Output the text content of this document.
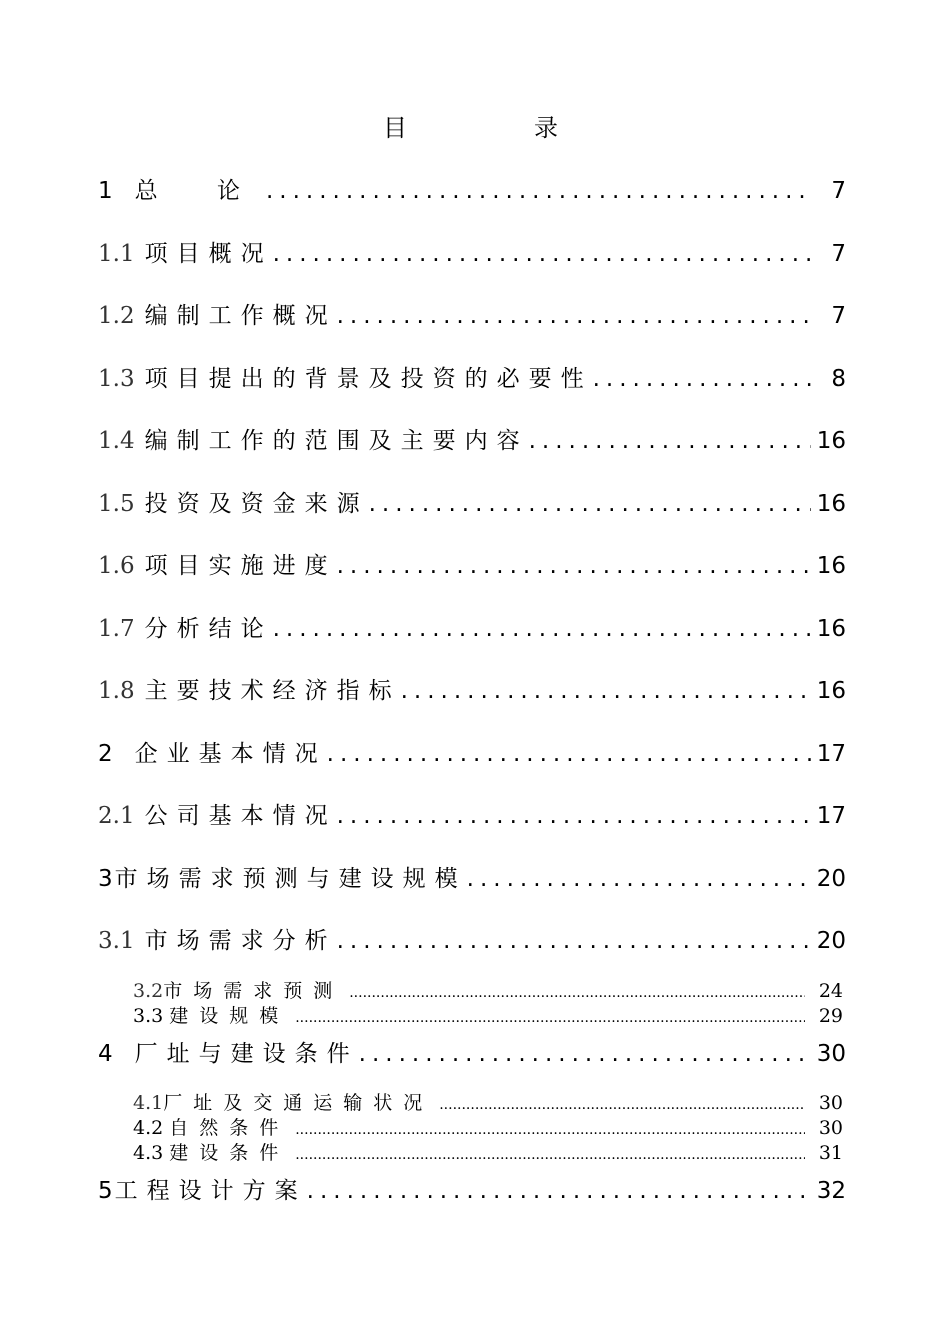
目	录
1 总 论 .....	7
1.1 项目概况 .....	7
1.2 编制工作概况 .....	7
1.3 项目提出的背景及投资的必要性 .....	8
1.4 编制工作的范围及主要内容 .....	16
1.5 投资及资金来源 .....	16
1.6 项目实施进度 .....	16
1.7 分析结论 .....	16
1.8 主要技术经济指标 .....	16
2 企业基本情况 .....	17
2.1 公司基本情况 .....	17
3 市场需求预测与建设规模 .....	20
3.1 市场需求分析 .....	20
3.2 市场需求预测 .....	24
3.3 建设规模 .....	29
4 厂址与建设条件 .....	30
4.1 厂址及交通运输状况 .....	30
4.2 自然条件 .....	30
4.3 建设条件 .....	31
5 工程设计方案 .....	32
